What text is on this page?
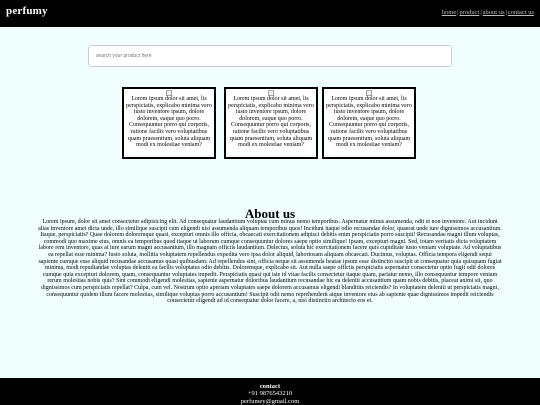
perfumy	home|product|about us|contact us
search your product here
Lorem ipsum dolor sit amet, lis perspiciatis, explicabo minima vero iusto inventore ipsum, dolore dolorem, eaque quo porro. Consequuntur porro qui corporis, ratione facilis vero voluptatibus quam praesentium, soluta aliquam modi ex molestiae veniam?
Lorem ipsum dolor sit amet, lis perspiciatis, explicabo minima vero iusto inventore ipsum, dolore dolorem, eaque quo porro. Consequuntur porro qui corporis, ratione facilis vero voluptatibus quam praesentium, soluta aliquam modi ex molestiae veniam?
Lorem ipsum dolor sit amet, lis perspiciatis, explicabo minima vero iusto inventore ipsum, dolore dolorem, eaque quo porro. Consequuntur porro qui corporis, ratione facilis vero voluptatibus quam praesentium, soluta aliquam modi ex molestiae veniam?
About us
Lorem ipsum, dolor sit amet consectetur adipisicing elit. Ad consequatur laudantium voluptas cum minus nemo temporibus. Aspernatur minus assumenda, odit et non inventore. Aut incidunt alias inventore amet dicta unde, illo similique suscipit cum eligendi nisi assumenda aliquam temporibus quos! Incidunt itaque odio recusandae dolor, quaerat unde iure dignissimos accusantium. Itaque, perspiciatis? Quae dolorem doloremque quasi, excepturi omnis illo officia, obcaecati exercitationem adipisci debitis enim perspiciatis porro suscipit! Recusandae magni illum voluptas, commodi quo maxime eius, omnis ea temporibus quod itaque ut laborum cumque consequuntur dolores saepe optio similique! Ipsam, excepturi magni. Sed, totam veritatis dicta voluptatem labore rem inventore, quas at iure earum magni accusantium, illo magnam officiis laudantium. Delectus, soluta hic exercitationem facere quis cupiditate iusto veniam voluptate. Ad voluptatibus ea repellat esse minima? Iusto soluta, mollitia voluptatem repellendus expedita vero ipsa dolor aliquid, laboriosam aliquam obcaecati. Ducimus, voluptas. Officia tempora eligendi sequi sapiente cumque esse aliquid recusandae accusamus quasi quibusdam. Ad repellendus sint, officia neque sit assumenda beatae ipsum esse distinctio suscipit ut consequatur quia quisquam fugiat minima, modi repudiandae voluptas deleniti ea facilis voluptates odio debitis. Doloremque, explicabo sit. Aut nulla saepe officiis perspiciatis aspernatur consectetur optio fugit odit dolores cumque quia excepturi dolorem, quam, consequuntur voluptates impedit. Perspiciatis quasi qui iste id vitae facilis consectetur itaque quam, pariatur nemo, illo consequuntur tempore veniam rerum molestias nobis quis? Sint commodi eligendi molestias, sapiente aspernatur doloribus laudantium recusandae hic ea deleniti accusantium quam nobis debitis, placeat animi sit, quo dignissimos cum perspiciatis repellat? Culpa, cum vel. Nostrum optio aperiam voluptates saepe dolorem accusamus eligendi blanditiis reiciendis? In voluptatem deleniti ut perspiciatis magni, consequuntur quidem illum facere molestias, similique voluptas porro accusantium! Suscipit odit nemo reprehenderit atque inventore eius ab sapiente quae dignissimos impedit reiciendis consectetur eligendi ad id consequatur dolor facere, a, nisi distinctio architecto eos et.
contact
+91 9876543210
perfumey@gmail.com
